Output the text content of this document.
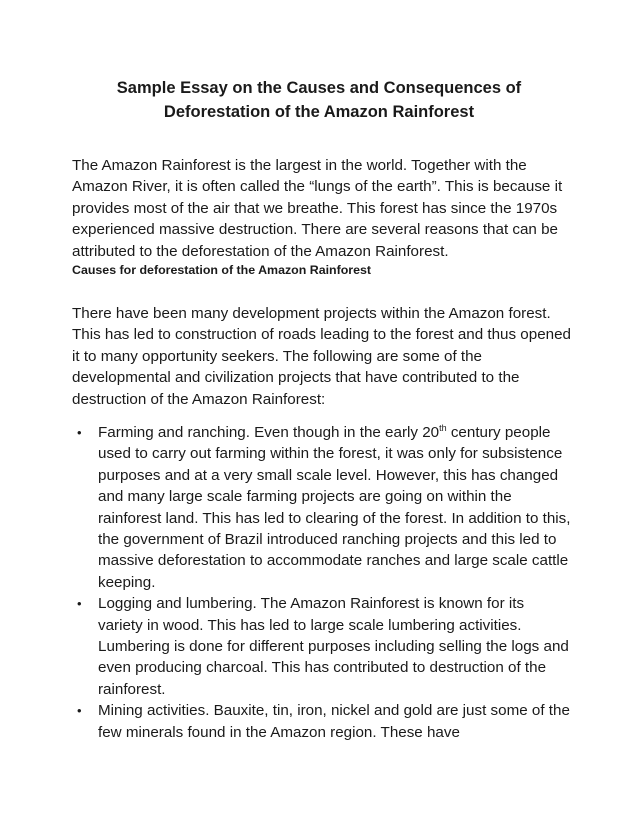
Sample Essay on the Causes and Consequences of
Deforestation of the Amazon Rainforest
The Amazon Rainforest is the largest in the world. Together with the Amazon River, it is often called the “lungs of the earth”. This is because it provides most of the air that we breathe. This forest has since the 1970s experienced massive destruction. There are several reasons that can be attributed to the deforestation of the Amazon Rainforest.
Causes for deforestation of the Amazon Rainforest
There have been many development projects within the Amazon forest. This has led to construction of roads leading to the forest and thus opened it to many opportunity seekers. The following are some of the developmental and civilization projects that have contributed to the destruction of the Amazon Rainforest:
• Farming and ranching. Even though in the early 20th century people used to carry out farming within the forest, it was only for subsistence purposes and at a very small scale level. However, this has changed and many large scale farming projects are going on within the rainforest land. This has led to clearing of the forest. In addition to this, the government of Brazil introduced ranching projects and this led to massive deforestation to accommodate ranches and large scale cattle keeping.
• Logging and lumbering. The Amazon Rainforest is known for its variety in wood. This has led to large scale lumbering activities. Lumbering is done for different purposes including selling the logs and even producing charcoal. This has contributed to destruction of the rainforest.
• Mining activities. Bauxite, tin, iron, nickel and gold are just some of the few minerals found in the Amazon region. These have
